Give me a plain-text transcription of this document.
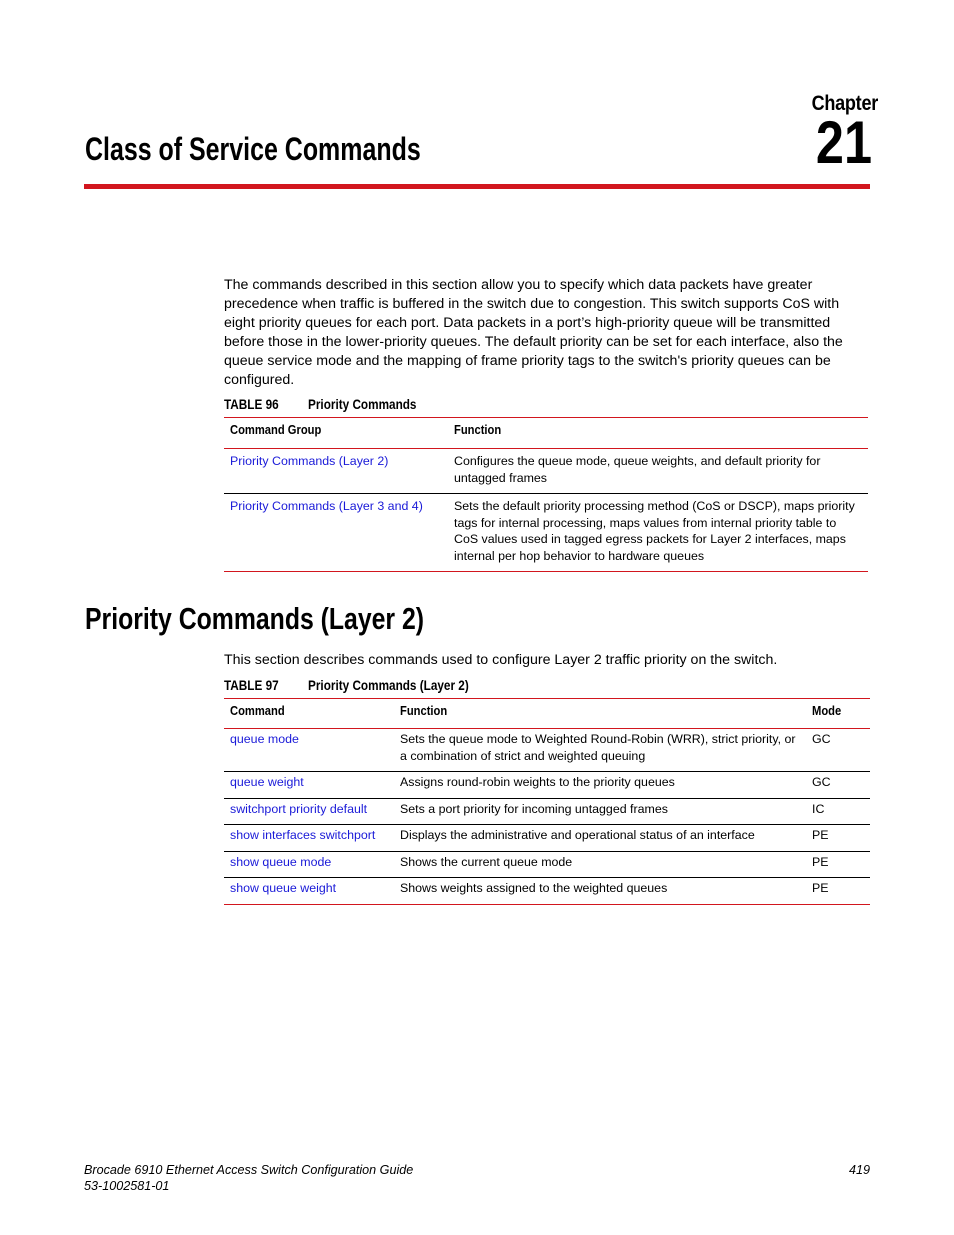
Chapter
21
Class of Service Commands

The commands described in this section allow you to specify which data packets have greater precedence when traffic is buffered in the switch due to congestion. This switch supports CoS with eight priority queues for each port. Data packets in a port’s high-priority queue will be transmitted before those in the lower-priority queues. The default priority can be set for each interface, also the queue service mode and the mapping of frame priority tags to the switch's priority queues can be configured.

TABLE 96 Priority Commands
Command Group	Function
Priority Commands (Layer 2)	Configures the queue mode, queue weights, and default priority for untagged frames
Priority Commands (Layer 3 and 4)	Sets the default priority processing method (CoS or DSCP), maps priority tags for internal processing, maps values from internal priority table to CoS values used in tagged egress packets for Layer 2 interfaces, maps internal per hop behavior to hardware queues
Priority Commands (Layer 2)

This section describes commands used to configure Layer 2 traffic priority on the switch.

TABLE 97 Priority Commands (Layer 2)
Command	Function	Mode
queue mode	Sets the queue mode to Weighted Round-Robin (WRR), strict priority, or a combination of strict and weighted queuing	GC
queue weight	Assigns round-robin weights to the priority queues	GC
switchport priority default	Sets a port priority for incoming untagged frames	IC
show interfaces switchport	Displays the administrative and operational status of an interface	PE
show queue mode	Shows the current queue mode	PE
show queue weight	Shows weights assigned to the weighted queues	PE
Brocade 6910 Ethernet Access Switch Configuration Guide
53-1002581-01
419
